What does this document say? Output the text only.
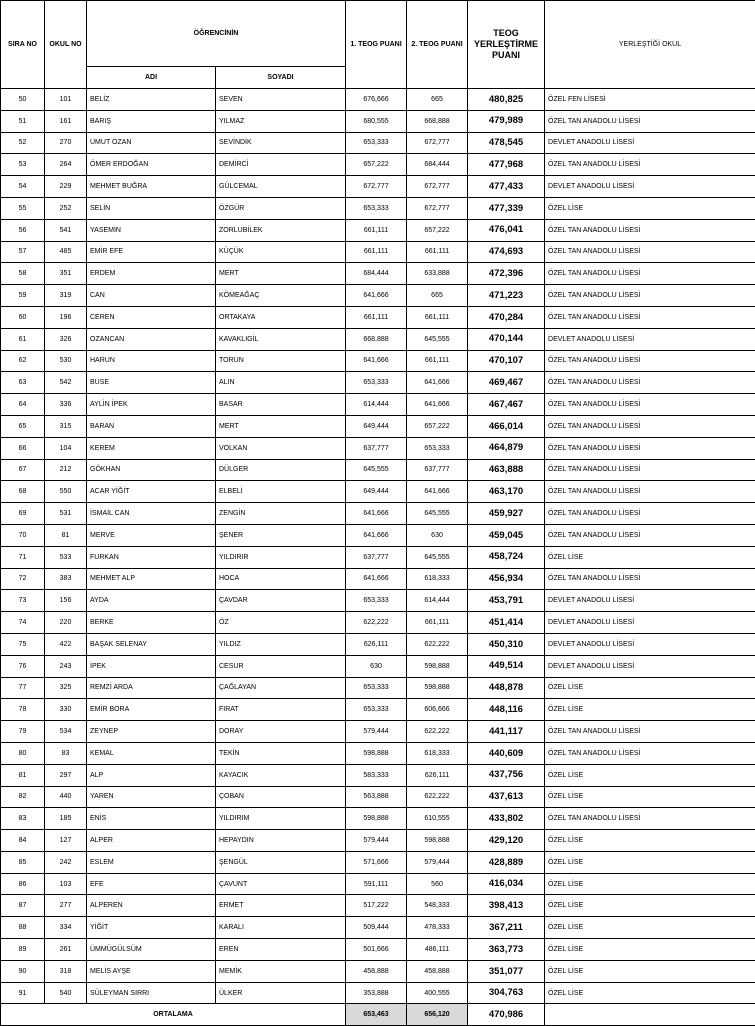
SIRA NO	OKUL NO	ÖĞRENCİNİN		1. TEOG PUANI	2. TEOG PUANI	TEOG YERLEŞTİRME PUANI	YERLEŞTİĞİ OKUL
		ADI	SOYADI				
50	101	BELİZ	SEVEN	676,666	665	480,825	ÖZEL FEN LİSESİ
51	161	BARIŞ	YILMAZ	680,555	668,888	479,989	ÖZEL TAN ANADOLU LİSESİ
52	270	UMUT OZAN	SEVİNDİK	653,333	672,777	478,545	DEVLET ANADOLU LİSESİ
53	264	ÖMER ERDOĞAN	DEMİRCİ	657,222	684,444	477,968	ÖZEL TAN ANADOLU LİSESİ
54	229	MEHMET BUĞRA	GÜLCEMAL	672,777	672,777	477,433	DEVLET ANADOLU LİSESİ
55	252	SELİN	ÖZGÜR	653,333	672,777	477,339	ÖZEL LİSE
56	541	YASEMİN	ZORLUBİLEK	661,111	657,222	476,041	ÖZEL TAN ANADOLU LİSESİ
57	485	EMİR EFE	KÜÇÜK	661,111	661,111	474,693	ÖZEL TAN ANADOLU LİSESİ
58	351	ERDEM	MERT	684,444	633,888	472,396	ÖZEL TAN ANADOLU LİSESİ
59	319	CAN	KÖMEAĞAÇ	641,666	665	471,223	ÖZEL TAN ANADOLU LİSESİ
60	196	CEREN	ORTAKAYA	661,111	661,111	470,284	ÖZEL TAN ANADOLU LİSESİ
61	326	OZANCAN	KAVAKLIGİL	668,888	645,555	470,144	DEVLET ANADOLU LİSESİ
62	530	HARUN	TORUN	641,666	661,111	470,107	ÖZEL TAN ANADOLU LİSESİ
63	542	BUSE	ALIN	653,333	641,666	469,467	ÖZEL TAN ANADOLU LİSESİ
64	336	AYLİN İPEK	BASAR	614,444	641,666	467,467	ÖZEL TAN ANADOLU LİSESİ
65	315	BARAN	MERT	649,444	657,222	466,014	ÖZEL TAN ANADOLU LİSESİ
66	104	KEREM	VOLKAN	637,777	653,333	464,879	ÖZEL TAN ANADOLU LİSESİ
67	212	GÖKHAN	DÜLGER	645,555	637,777	463,888	ÖZEL TAN ANADOLU LİSESİ
68	550	ACAR YİĞİT	ELBELİ	649,444	641,666	463,170	ÖZEL TAN ANADOLU LİSESİ
69	531	İSMAİL CAN	ZENGİN	641,666	645,555	459,927	ÖZEL TAN ANADOLU LİSESİ
70	81	MERVE	ŞENER	641,666	630	459,045	ÖZEL TAN ANADOLU LİSESİ
71	533	FURKAN	YILDIRIR	637,777	645,555	458,724	ÖZEL LİSE
72	383	MEHMET ALP	HOCA	641,666	618,333	456,934	ÖZEL TAN ANADOLU LİSESİ
73	156	AYDA	ÇAVDAR	653,333	614,444	453,791	DEVLET ANADOLU LİSESİ
74	220	BERKE	ÖZ	622,222	661,111	451,414	DEVLET ANADOLU LİSESİ
75	422	BAŞAK SELENAY	YILDIZ	626,111	622,222	450,310	DEVLET ANADOLU LİSESİ
76	243	İPEK	CESUR	630	598,888	449,514	DEVLET ANADOLU LİSESİ
77	325	REMZİ ARDA	ÇAĞLAYAN	653,333	598,888	448,878	ÖZEL LİSE
78	330	EMİR BORA	FIRAT	653,333	606,666	448,116	ÖZEL LİSE
79	534	ZEYNEP	DORAY	579,444	622,222	441,117	ÖZEL TAN ANADOLU LİSESİ
80	83	KEMAL	TEKİN	598,888	618,333	440,609	ÖZEL TAN ANADOLU LİSESİ
81	297	ALP	KAYACIK	583,333	626,111	437,756	ÖZEL LİSE
82	440	YAREN	ÇOBAN	563,888	622,222	437,613	ÖZEL LİSE
83	185	ENİS	YILDIRIM	598,888	610,555	433,802	ÖZEL TAN ANADOLU LİSESİ
84	127	ALPER	HEPAYDIN	579,444	598,888	429,120	ÖZEL LİSE
85	242	ESLEM	ŞENGÜL	571,666	579,444	428,889	ÖZEL LİSE
86	103	EFE	ÇAVUNT	591,111	560	416,034	ÖZEL LİSE
87	277	ALPEREN	ERMET	517,222	548,333	398,413	ÖZEL LİSE
88	334	YİĞİT	KARALI	509,444	478,333	367,211	ÖZEL LİSE
89	261	ÜMMÜGÜLSÜM	EREN	501,666	486,111	363,773	ÖZEL LİSE
90	318	MELİS AYŞE	MEMİK	458,888	458,888	351,077	ÖZEL LİSE
91	540	SÜLEYMAN SIRRI	ÜLKER	353,888	400,555	304,763	ÖZEL LİSE
ORTALAMA				653,463	656,120	470,986	
